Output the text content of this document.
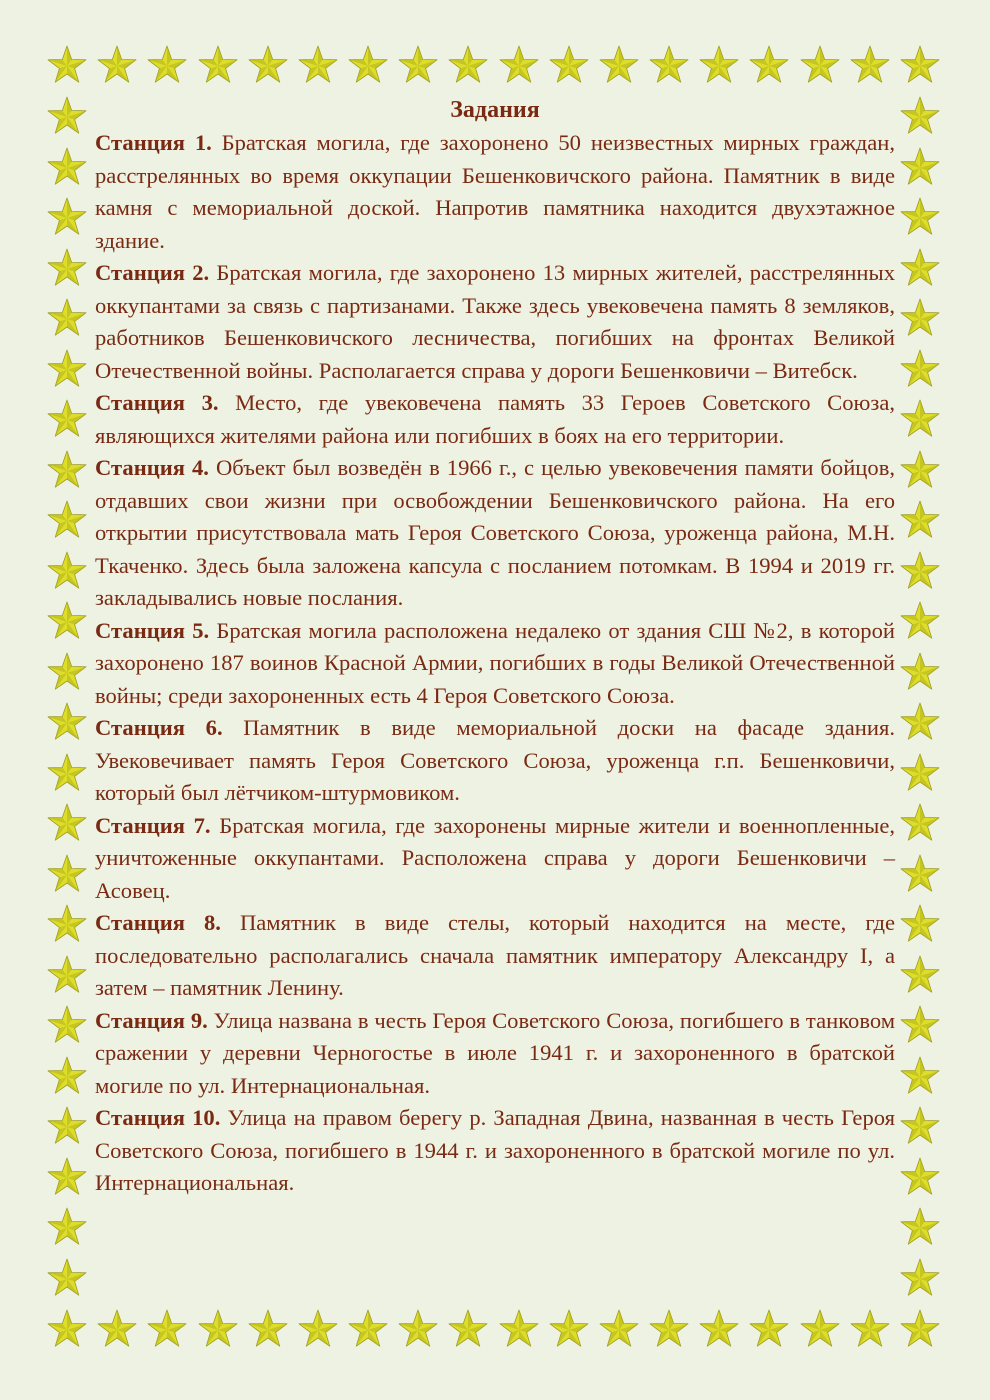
Задания

Станция 1. Братская могила, где захоронено 50 неизвестных мирных граждан, расстрелянных во время оккупации Бешенковичского района. Памятник в виде камня с мемориальной доской. Напротив памятника находится двухэтажное здание.

Станция 2. Братская могила, где захоронено 13 мирных жителей, расстрелянных оккупантами за связь с партизанами. Также здесь увековечена память 8 земляков, работников Бешенковичского лесничества, погибших на фронтах Великой Отечественной войны. Располагается справа у дороги Бешенковичи – Витебск.

Станция 3. Место, где увековечена память 33 Героев Советского Союза, являющихся жителями района или погибших в боях на его территории.

Станция 4. Объект был возведён в 1966 г., с целью увековечения памяти бойцов, отдавших свои жизни при освобождении Бешенковичского района. На его открытии присутствовала мать Героя Советского Союза, уроженца района, М.Н. Ткаченко. Здесь была заложена капсула с посланием потомкам. В 1994 и 2019 гг. закладывались новые послания.

Станция 5. Братская могила расположена недалеко от здания СШ №2, в которой захоронено 187 воинов Красной Армии, погибших в годы Великой Отечественной войны; среди захороненных есть 4 Героя Советского Союза.

Станция 6. Памятник в виде мемориальной доски на фасаде здания. Увековечивает память Героя Советского Союза, уроженца г.п. Бешенковичи, который был лётчиком-штурмовиком.

Станция 7. Братская могила, где захоронены мирные жители и военнопленные, уничтоженные оккупантами. Расположена справа у дороги Бешенковичи – Асовец.

Станция 8. Памятник в виде стелы, который находится на месте, где последовательно располагались сначала памятник императору Александру I, а затем – памятник Ленину.

Станция 9. Улица названа в честь Героя Советского Союза, погибшего в танковом сражении у деревни Черногостье в июле 1941 г. и захороненного в братской могиле по ул. Интернациональная.

Станция 10. Улица на правом берегу р. Западная Двина, названная в честь Героя Советского Союза, погибшего в 1944 г. и захороненного в братской могиле по ул. Интернациональная.
